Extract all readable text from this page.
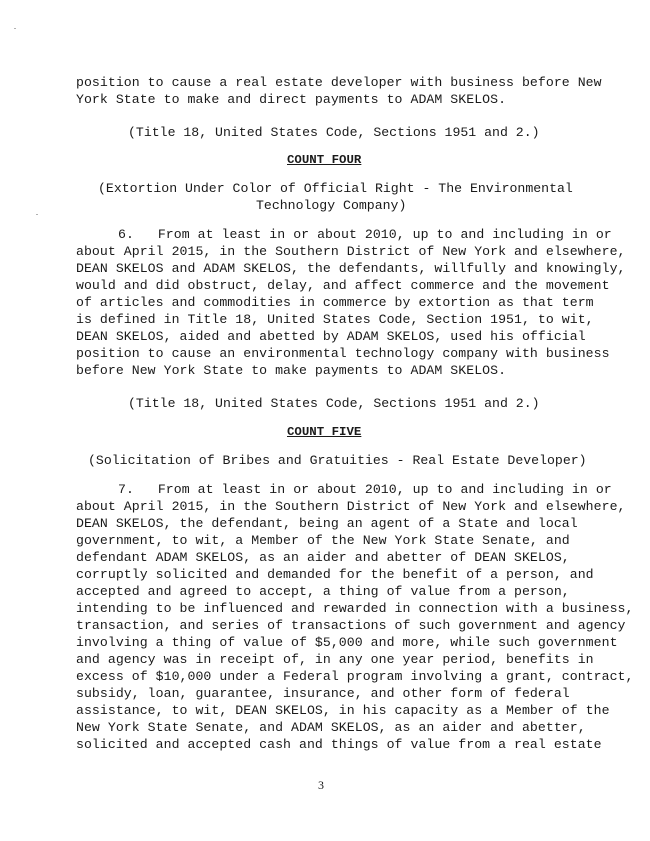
position to cause a real estate developer with business before New
York State to make and direct payments to ADAM SKELOS.
(Title 18, United States Code, Sections 1951 and 2.)
COUNT FOUR
(Extortion Under Color of Official Right - The Environmental
Technology Company)
6.   From at least in or about 2010, up to and including in or
about April 2015, in the Southern District of New York and elsewhere,
DEAN SKELOS and ADAM SKELOS, the defendants, willfully and knowingly,
would and did obstruct, delay, and affect commerce and the movement
of articles and commodities in commerce by extortion as that term
is defined in Title 18, United States Code, Section 1951, to wit,
DEAN SKELOS, aided and abetted by ADAM SKELOS, used his official
position to cause an environmental technology company with business
before New York State to make payments to ADAM SKELOS.
(Title 18, United States Code, Sections 1951 and 2.)
COUNT FIVE
(Solicitation of Bribes and Gratuities - Real Estate Developer)
7.   From at least in or about 2010, up to and including in or
about April 2015, in the Southern District of New York and elsewhere,
DEAN SKELOS, the defendant, being an agent of a State and local
government, to wit, a Member of the New York State Senate, and
defendant ADAM SKELOS, as an aider and abetter of DEAN SKELOS,
corruptly solicited and demanded for the benefit of a person, and
accepted and agreed to accept, a thing of value from a person,
intending to be influenced and rewarded in connection with a business,
transaction, and series of transactions of such government and agency
involving a thing of value of $5,000 and more, while such government
and agency was in receipt of, in any one year period, benefits in
excess of $10,000 under a Federal program involving a grant, contract,
subsidy, loan, guarantee, insurance, and other form of federal
assistance, to wit, DEAN SKELOS, in his capacity as a Member of the
New York State Senate, and ADAM SKELOS, as an aider and abetter,
solicited and accepted cash and things of value from a real estate
3
